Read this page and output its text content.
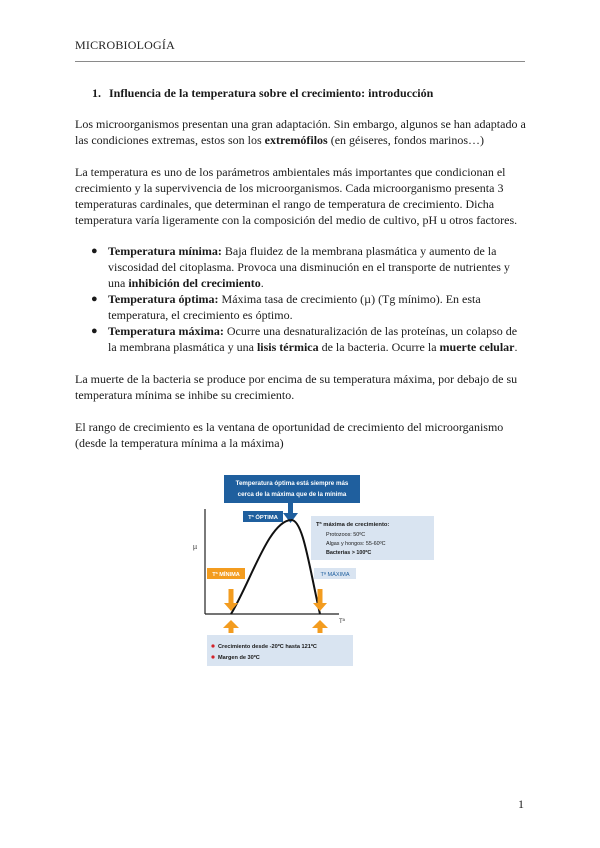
MICROBIOLOGÍA
1. Influencia de la temperatura sobre el crecimiento: introducción

Los microorganismos presentan una gran adaptación. Sin embargo, algunos se han adaptado a las condiciones extremas, estos son los extremófilos (en géiseres, fondos marinos…)

La temperatura es uno de los parámetros ambientales más importantes que condicionan el crecimiento y la supervivencia de los microorganismos. Cada microorganismo presenta 3 temperaturas cardinales, que determinan el rango de temperatura de crecimiento. Dicha temperatura varía ligeramente con la composición del medio de cultivo, pH u otros factores.

● Temperatura mínima: Baja fluidez de la membrana plasmática y aumento de la viscosidad del citoplasma. Provoca una disminución en el transporte de nutrientes y una inhibición del crecimiento.
● Temperatura óptima: Máxima tasa de crecimiento (µ) (Tg mínimo). En esta temperatura, el crecimiento es óptimo.
● Temperatura máxima: Ocurre una desnaturalización de las proteínas, un colapso de la membrana plasmática y una lisis térmica de la bacteria. Ocurre la muerte celular.

La muerte de la bacteria se produce por encima de su temperatura máxima, por debajo de su temperatura mínima se inhibe su crecimiento.

El rango de crecimiento es la ventana de oportunidad de crecimiento del microorganismo (desde la temperatura mínima a la máxima)

Temperatura óptima está siempre más
cerca de la máxima que de la mínima
µ
Tª
Tª ÓPTIMA
Tª MÍNIMA	Tª MÁXIMA
Tª máxima de crecimiento:
Protozoos: 50ºC
Algas y hongos: 55-60ºC
Bacterias > 100ºC
Crecimiento desde -20ºC hasta 121ºC
Margen de 30ºC
1
